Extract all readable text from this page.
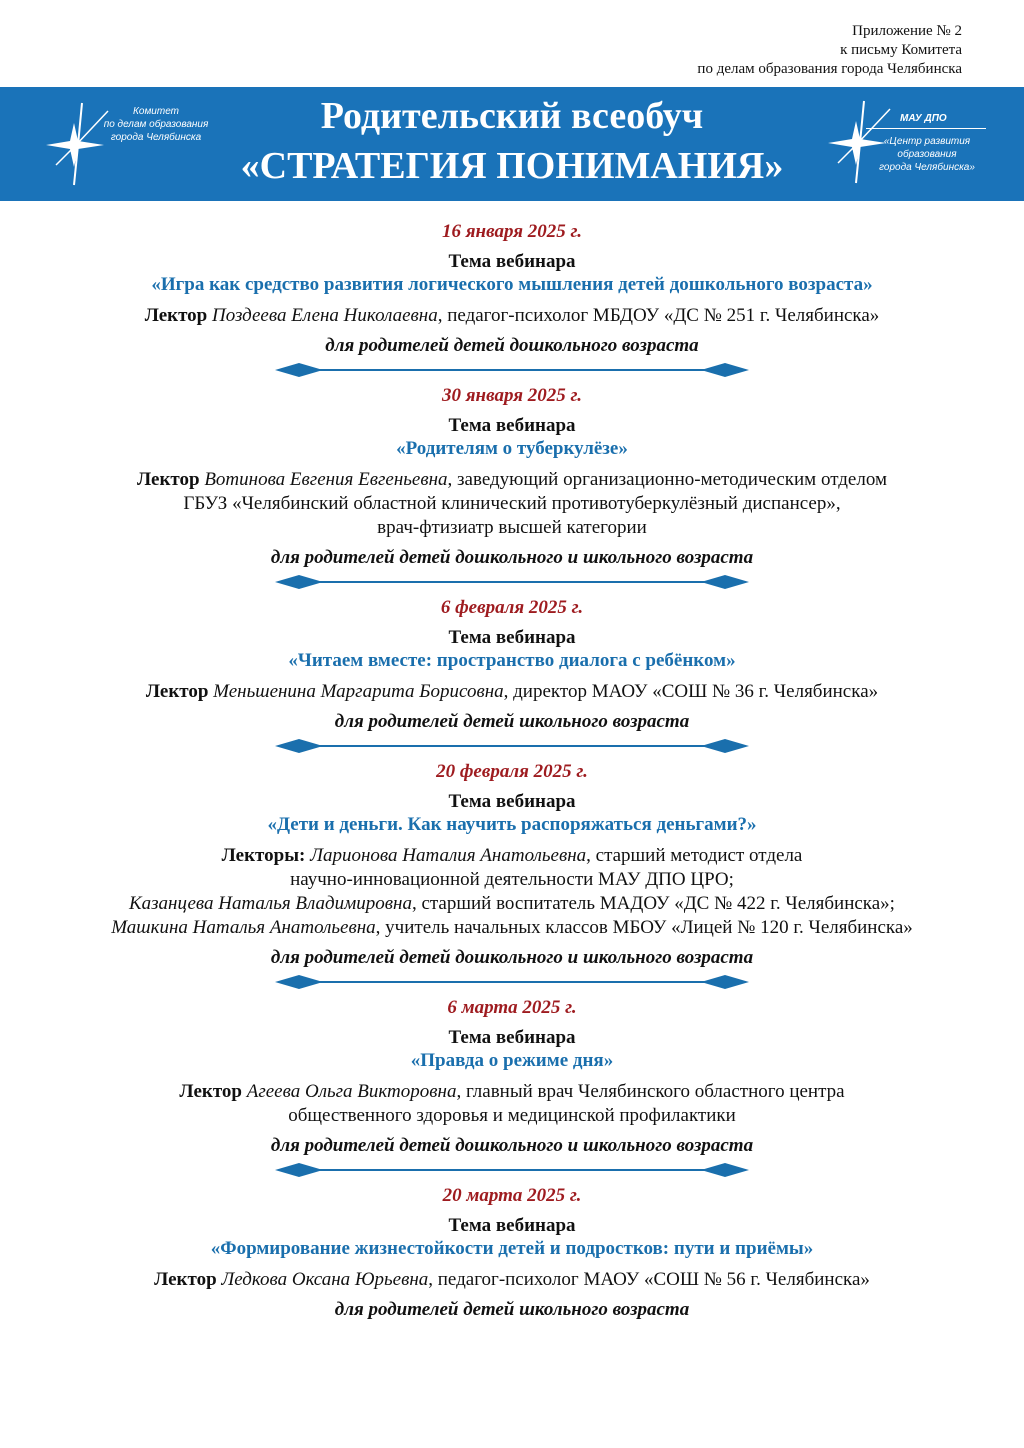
Приложение № 2
к письму Комитета
по делам образования города Челябинска
Комитет
по делам образования
города Челябинска
Родительский всеобуч
«СТРАТЕГИЯ ПОНИМАНИЯ»
МАУ ДПО
«Центр развития образования
города Челябинска»
16 января 2025 г.
Тема вебинара
«Игра как средство развития логического мышления детей дошкольного возраста»
Лектор Поздеева Елена Николаевна, педагог-психолог МБДОУ «ДС № 251 г. Челябинска»
для родителей детей дошкольного возраста
30 января 2025 г.
Тема вебинара
«Родителям о туберкулёзе»
Лектор Вотинова Евгения Евгеньевна, заведующий организационно-методическим отделом
ГБУЗ «Челябинский областной клинический противотуберкулёзный диспансер»,
врач-фтизиатр высшей категории
для родителей детей дошкольного и школьного возраста
6 февраля 2025 г.
Тема вебинара
«Читаем вместе: пространство диалога с ребёнком»
Лектор Меньшенина Маргарита Борисовна, директор МАОУ «СОШ № 36 г. Челябинска»
для родителей детей школьного возраста
20 февраля 2025 г.
Тема вебинара
«Дети и деньги. Как научить распоряжаться деньгами?»
Лекторы: Ларионова Наталия Анатольевна, старший методист отдела
научно-инновационной деятельности МАУ ДПО ЦРО;
Казанцева Наталья Владимировна, старший воспитатель МАДОУ «ДС № 422 г. Челябинска»;
Машкина Наталья Анатольевна, учитель начальных классов МБОУ «Лицей № 120 г. Челябинска»
для родителей детей дошкольного и школьного возраста
6 марта 2025 г.
Тема вебинара
«Правда о режиме дня»
Лектор Агеева Ольга Викторовна, главный врач Челябинского областного центра
общественного здоровья и медицинской профилактики
для родителей детей дошкольного и школьного возраста
20 марта 2025 г.
Тема вебинара
«Формирование жизнестойкости детей и подростков: пути и приёмы»
Лектор Ледкова Оксана Юрьевна, педагог-психолог МАОУ «СОШ № 56 г. Челябинска»
для родителей детей школьного возраста
